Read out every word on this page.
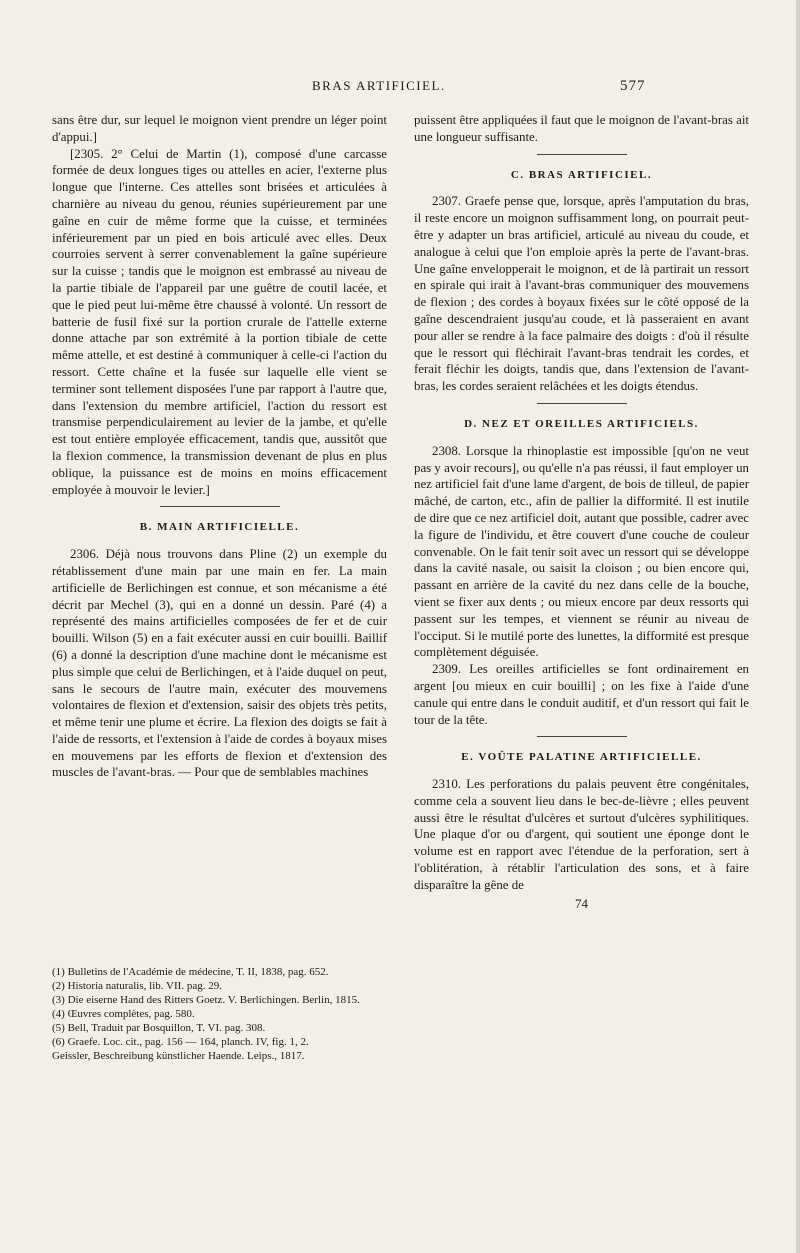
BRAS ARTIFICIEL.	577

sans être dur, sur lequel le moignon vient prendre un léger point d'appui.]

[2305. 2° Celui de Martin (1), composé d'une carcasse formée de deux longues tiges ou attelles en acier, l'externe plus longue que l'interne. Ces attelles sont brisées et articulées à charnière au niveau du genou, réunies supérieurement par une gaîne en cuir de même forme que la cuisse, et terminées inférieurement par un pied en bois articulé avec elles. Deux courroies servent à serrer convenablement la gaîne supérieure sur la cuisse ; tandis que le moignon est embrassé au niveau de la partie tibiale de l'appareil par une guêtre de coutil lacée, et que le pied peut lui-même être chaussé à volonté. Un ressort de batterie de fusil fixé sur la portion crurale de l'attelle externe donne attache par son extrémité à la portion tibiale de cette même attelle, et est destiné à communiquer à celle-ci l'action du ressort. Cette chaîne et la fusée sur laquelle elle vient se terminer sont tellement disposées l'une par rapport à l'autre que, dans l'extension du membre artificiel, l'action du ressort est transmise perpendiculairement au levier de la jambe, et qu'elle est tout entière employée efficacement, tandis que, aussitôt que la flexion commence, la transmission devenant de plus en plus oblique, la puissance est de moins en moins efficacement employée à mouvoir le levier.]

B. MAIN ARTIFICIELLE.

2306. Déjà nous trouvons dans Pline (2) un exemple du rétablissement d'une main par une main en fer. La main artificielle de Berlichingen est connue, et son mécanisme a été décrit par Mechel (3), qui en a donné un dessin. Paré (4) a représenté des mains artificielles composées de fer et de cuir bouilli. Wilson (5) en a fait exécuter aussi en cuir bouilli. Baillif (6) a donné la description d'une machine dont le mécanisme est plus simple que celui de Berlichingen, et à l'aide duquel on peut, sans le secours de l'autre main, exécuter des mouvemens volontaires de flexion et d'extension, saisir des objets très petits, et même tenir une plume et écrire. La flexion des doigts se fait à l'aide de ressorts, et l'extension à l'aide de cordes à boyaux mises en mouvemens par les efforts de flexion et d'extension des muscles de l'avant-bras. — Pour que de semblables machines

(1) Bulletins de l'Académie de médecine, T. II, 1838, pag. 652.

(2) Historia naturalis, lib. VII. pag. 29.

(3) Die eiserne Hand des Ritters Goetz. V. Berlichingen. Berlin, 1815.

(4) Œuvres complètes, pag. 580.

(5) Bell, Traduit par Bosquillon, T. VI. pag. 308.

(6) Graefe. Loc. cit., pag. 156 — 164, planch. IV, fig. 1, 2.

Geissler, Beschreibung künstlicher Haende. Leips., 1817.

puissent être appliquées il faut que le moignon de l'avant-bras ait une longueur suffisante.

C. BRAS ARTIFICIEL.

2307. Graefe pense que, lorsque, après l'amputation du bras, il reste encore un moignon suffisamment long, on pourrait peut-être y adapter un bras artificiel, articulé au niveau du coude, et analogue à celui que l'on emploie après la perte de l'avant-bras. Une gaîne envelopperait le moignon, et de là partirait un ressort en spirale qui irait à l'avant-bras communiquer des mouvemens de flexion ; des cordes à boyaux fixées sur le côté opposé de la gaîne descendraient jusqu'au coude, et là passeraient en avant pour aller se rendre à la face palmaire des doigts : d'où il résulte que le ressort qui fléchirait l'avant-bras tendrait les cordes, et ferait fléchir les doigts, tandis que, dans l'extension de l'avant-bras, les cordes seraient relâchées et les doigts étendus.

D. NEZ ET OREILLES ARTIFICIELS.

2308. Lorsque la rhinoplastie est impossible [qu'on ne veut pas y avoir recours], ou qu'elle n'a pas réussi, il faut employer un nez artificiel fait d'une lame d'argent, de bois de tilleul, de papier mâché, de carton, etc., afin de pallier la difformité. Il est inutile de dire que ce nez artificiel doit, autant que possible, cadrer avec la figure de l'individu, et être couvert d'une couche de couleur convenable. On le fait tenir soit avec un ressort qui se développe dans la cavité nasale, ou saisit la cloison ; ou bien encore qui, passant en arrière de la cavité du nez dans celle de la bouche, vient se fixer aux dents ; ou mieux encore par deux ressorts qui passent sur les tempes, et viennent se réunir au niveau de l'occiput. Si le mutilé porte des lunettes, la difformité est presque complètement déguisée.

2309. Les oreilles artificielles se font ordinairement en argent [ou mieux en cuir bouilli] ; on les fixe à l'aide d'une canule qui entre dans le conduit auditif, et d'un ressort qui fait le tour de la tête.

E. VOÛTE PALATINE ARTIFICIELLE.

2310. Les perforations du palais peuvent être congénitales, comme cela a souvent lieu dans le bec-de-lièvre ; elles peuvent aussi être le résultat d'ulcères et surtout d'ulcères syphilitiques. Une plaque d'or ou d'argent, qui soutient une éponge dont le volume est en rapport avec l'étendue de la perforation, sert à l'oblitération, à rétablir l'articulation des sons, et à faire disparaître la gêne de

74
